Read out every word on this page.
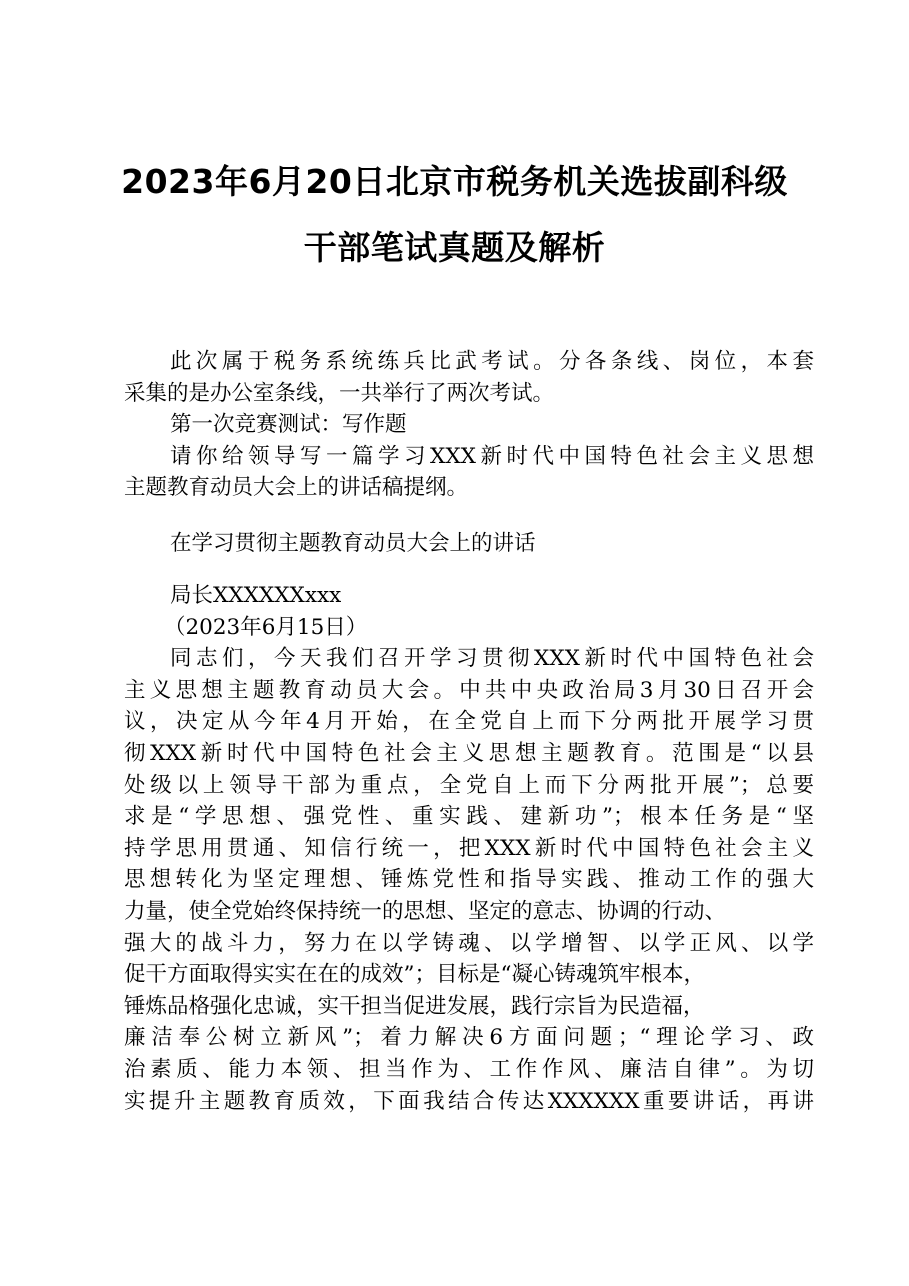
2023年6月20日北京市税务机关选拔副科级
干部笔试真题及解析
此次属于税务系统练兵比武考试。分各条线、岗位，本套
采集的是办公室条线，一共举行了两次考试。
第一次竞赛测试：写作题
请你给领导写一篇学习XXX新时代中国特色社会主义思想
主题教育动员大会上的讲话稿提纲。
在学习贯彻主题教育动员大会上的讲话
局长XXXXXXxxx
（2023年6月15日）
同志们，今天我们召开学习贯彻XXX新时代中国特色社会
主义思想主题教育动员大会。中共中央政治局3月30日召开会
议，决定从今年4月开始，在全党自上而下分两批开展学习贯
彻XXX新时代中国特色社会主义思想主题教育。范围是“以县
处级以上领导干部为重点，全党自上而下分两批开展”；总要
求是“学思想、强党性、重实践、建新功”；根本任务是“坚
持学思用贯通、知信行统一，把XXX新时代中国特色社会主义
思想转化为坚定理想、锤炼党性和指导实践、推动工作的强大
力量，使全党始终保持统一的思想、坚定的意志、协调的行动、
强大的战斗力，努力在以学铸魂、以学增智、以学正风、以学
促干方面取得实实在在的成效”；目标是“凝心铸魂筑牢根本，
锤炼品格强化忠诚，实干担当促进发展，践行宗旨为民造福，
廉洁奉公树立新风”；着力解决6方面问题；“理论学习、政
治素质、能力本领、担当作为、工作作风、廉洁自律”。为切
实提升主题教育质效，下面我结合传达XXXXXX重要讲话，再讲
